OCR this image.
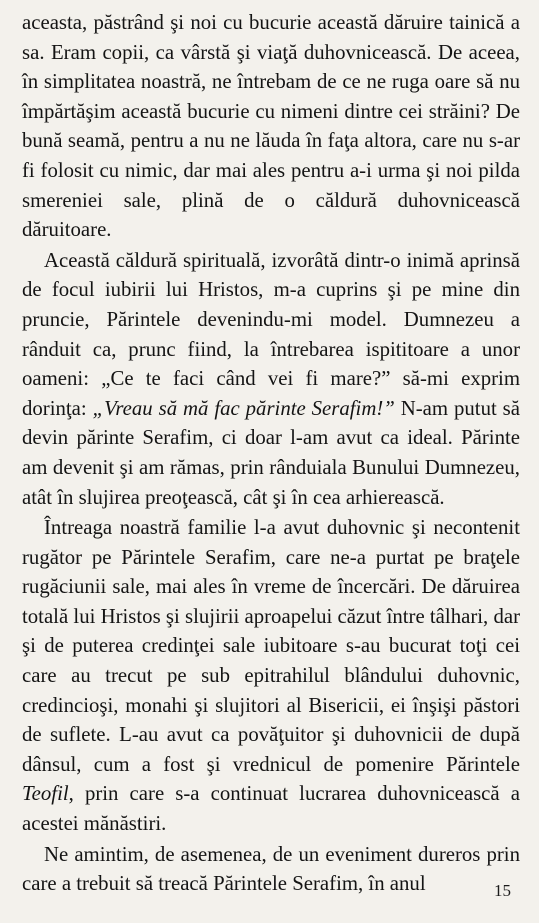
aceasta, păstrând şi noi cu bucurie această dăruire tainică a sa. Eram copii, ca vârstă şi viaţă duhovnicească. De aceea, în simplitatea noastră, ne întrebam de ce ne ruga oare să nu împărtăşim această bucurie cu nimeni dintre cei străini? De bună seamă, pentru a nu ne lăuda în faţa altora, care nu s-ar fi folosit cu nimic, dar mai ales pentru a-i urma şi noi pilda smereniei sale, plină de o căldură duhovnicească dăruitoare.

Această căldură spirituală, izvorâtă dintr-o inimă aprinsă de focul iubirii lui Hristos, m-a cuprins şi pe mine din pruncie, Părintele devenindu-mi model. Dumnezeu a rânduit ca, prunc fiind, la întrebarea ispititoare a unor oameni: „Ce te faci când vei fi mare?” să-mi exprim dorinţa: „Vreau să mă fac părinte Serafim!” N-am putut să devin părinte Serafim, ci doar l-am avut ca ideal. Părinte am devenit şi am rămas, prin rânduiala Bunului Dumnezeu, atât în slujirea preoţească, cât şi în cea arhierească.

Întreaga noastră familie l-a avut duhovnic şi necontenit rugător pe Părintele Serafim, care ne-a purtat pe braţele rugăciunii sale, mai ales în vreme de încercări. De dăruirea totală lui Hristos şi slujirii aproapelui căzut între tâlhari, dar şi de puterea credinţei sale iubitoare s-au bucurat toţi cei care au trecut pe sub epitrahilul blândului duhovnic, credincioşi, monahi şi slujitori al Bisericii, ei înşişi păstori de suflete. L-au avut ca povăţuitor şi duhovnicii de după dânsul, cum a fost şi vrednicul de pomenire Părintele Teofil, prin care s-a continuat lucrarea duhovnicească a acestei mănăstiri.

Ne amintim, de asemenea, de un eveniment dureros prin care a trebuit să treacă Părintele Serafim, în anul	15
